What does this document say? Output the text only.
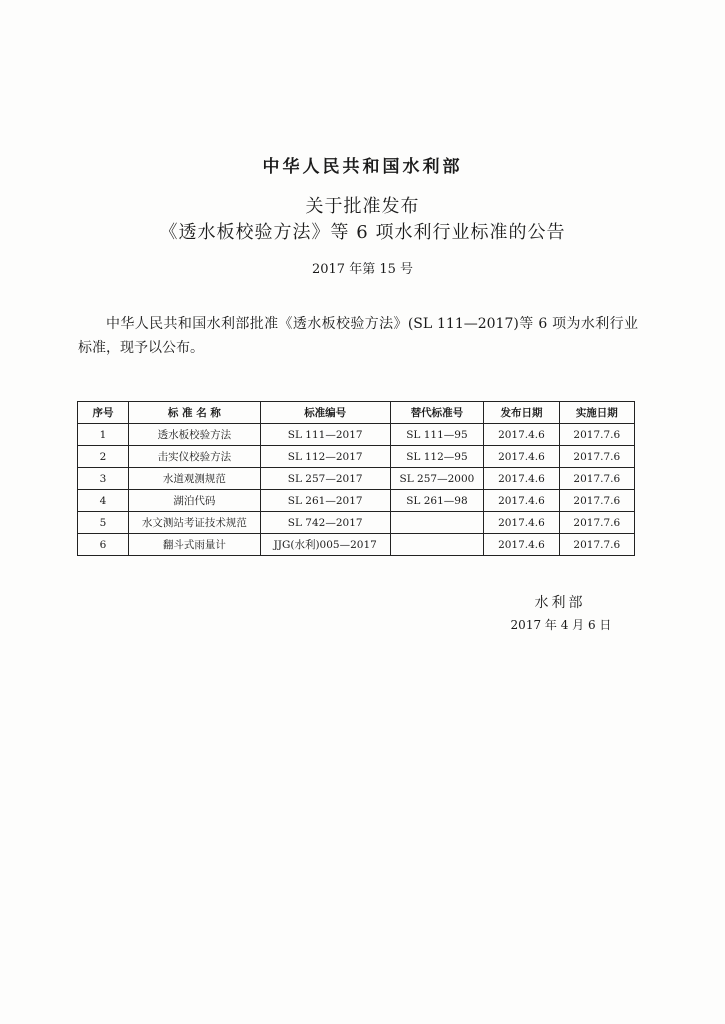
中华人民共和国水利部
关于批准发布
《透水板校验方法》等 6 项水利行业标准的公告
2017 年第 15 号
中华人民共和国水利部批准《透水板校验方法》(SL 111—2017)等 6 项为水利行业标准，现予以公布。
序号	标 准 名 称	标准编号	替代标准号	发布日期	实施日期
1	透水板校验方法	SL 111—2017	SL 111—95	2017.4.6	2017.7.6
2	击实仪校验方法	SL 112—2017	SL 112—95	2017.4.6	2017.7.6
3	水道观测规范	SL 257—2017	SL 257—2000	2017.4.6	2017.7.6
4	湖泊代码	SL 261—2017	SL 261—98	2017.4.6	2017.7.6
5	水文测站考证技术规范	SL 742—2017		2017.4.6	2017.7.6
6	翻斗式雨量计	JJG(水利)005—2017		2017.4.6	2017.7.6
水利部
2017 年 4 月 6 日
